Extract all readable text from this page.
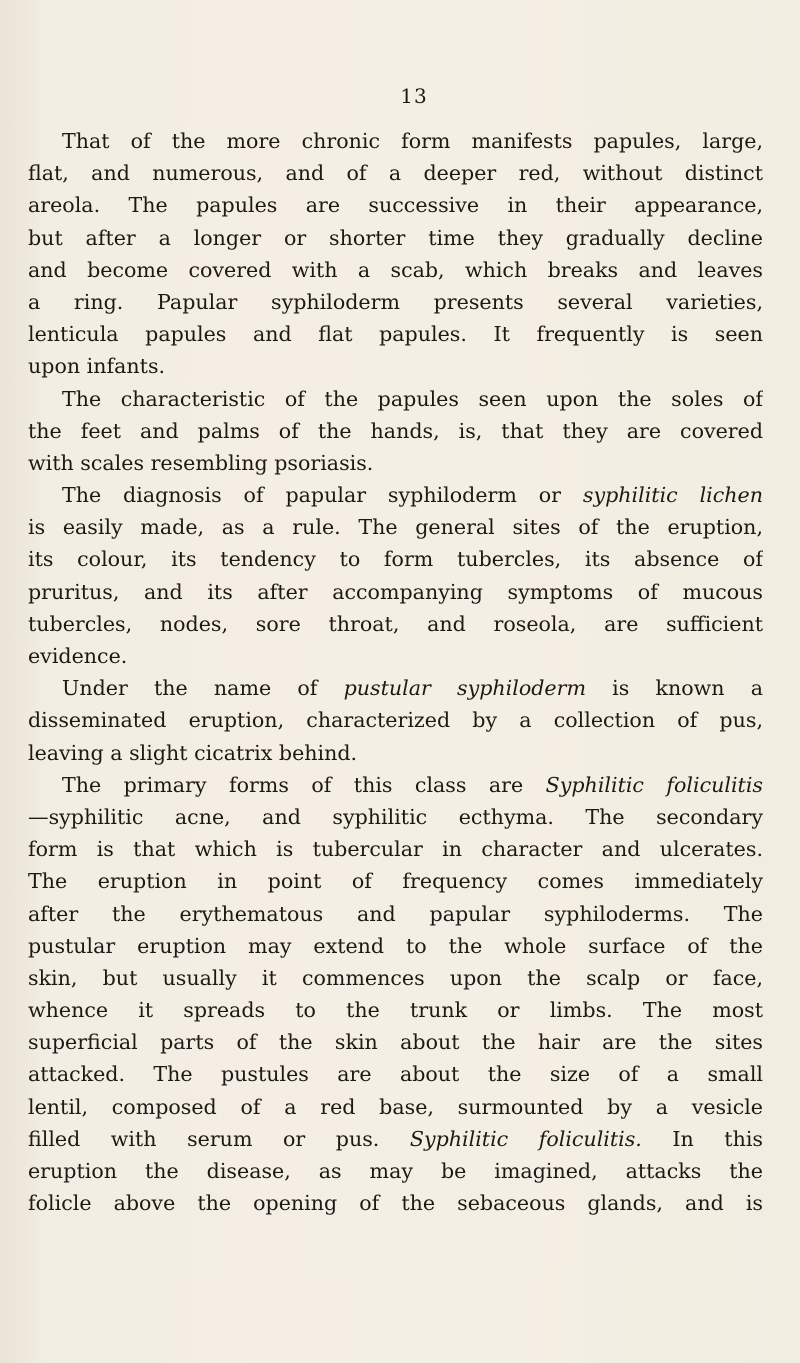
13
That of the more chronic form manifests papules, large,
flat, and numerous, and of a deeper red, without distinct
areola. The papules are successive in their appearance,
but after a longer or shorter time they gradually decline
and become covered with a scab, which breaks and leaves
a ring. Papular syphiloderm presents several varieties,
lenticula papules and flat papules. It frequently is seen
upon infants.
The characteristic of the papules seen upon the soles of
the feet and palms of the hands, is, that they are covered
with scales resembling psoriasis.
The diagnosis of papular syphiloderm or syphilitic lichen
is easily made, as a rule. The general sites of the eruption,
its colour, its tendency to form tubercles, its absence of
pruritus, and its after accompanying symptoms of mucous
tubercles, nodes, sore throat, and roseola, are sufficient
evidence.
Under the name of pustular syphiloderm is known a
disseminated eruption, characterized by a collection of pus,
leaving a slight cicatrix behind.
The primary forms of this class are Syphilitic foliculitis
—syphilitic acne, and syphilitic ecthyma. The secondary
form is that which is tubercular in character and ulcerates.
The eruption in point of frequency comes immediately
after the erythematous and papular syphiloderms. The
pustular eruption may extend to the whole surface of the
skin, but usually it commences upon the scalp or face,
whence it spreads to the trunk or limbs. The most
superficial parts of the skin about the hair are the sites
attacked. The pustules are about the size of a small
lentil, composed of a red base, surmounted by a vesicle
filled with serum or pus. Syphilitic foliculitis. In this
eruption the disease, as may be imagined, attacks the
folicle above the opening of the sebaceous glands, and is
